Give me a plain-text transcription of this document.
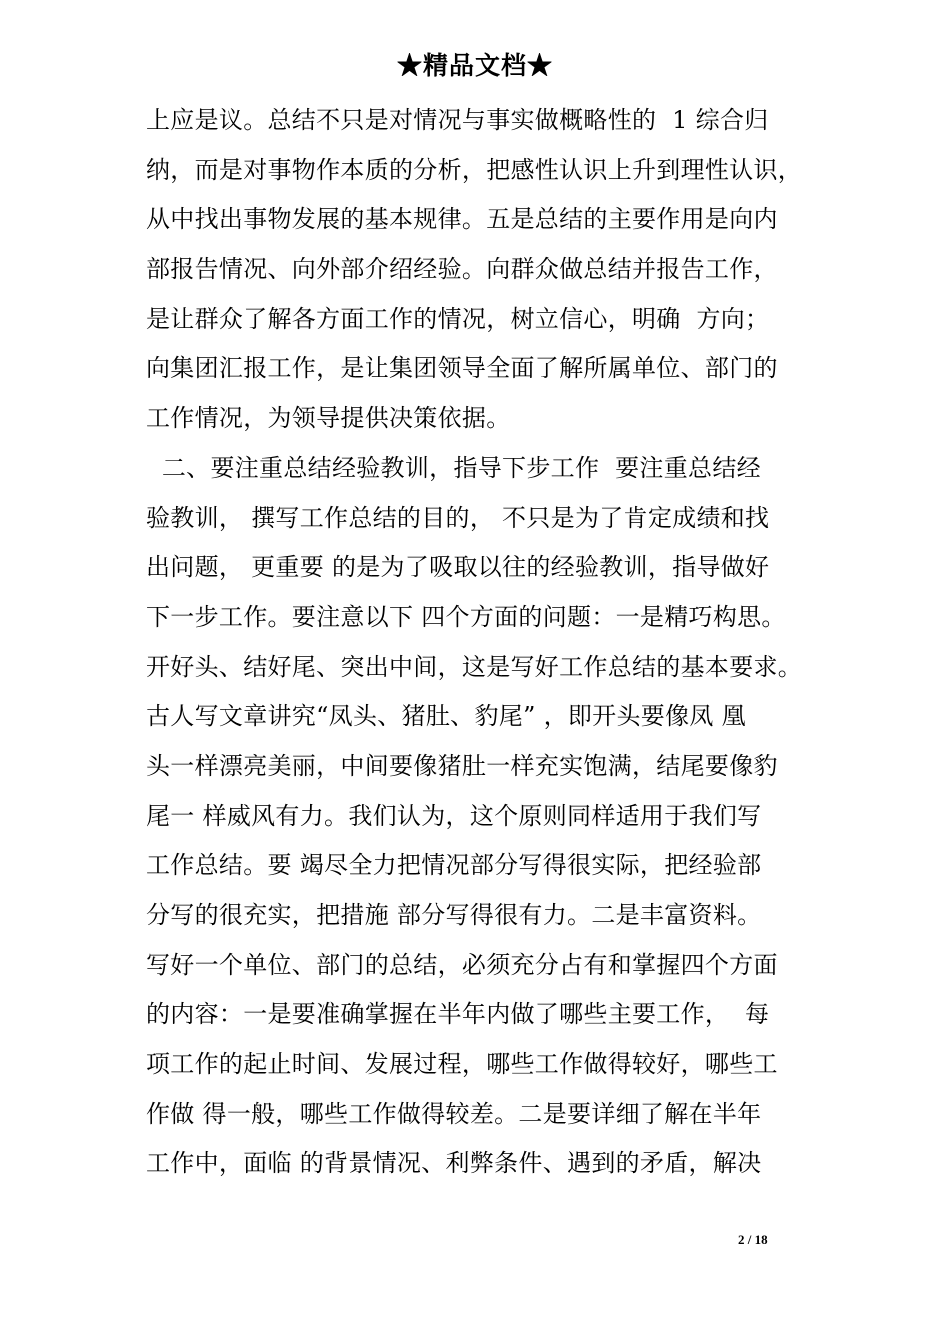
★精品文档★
上应是议。总结不只是对情况与事实做概略性的  1 综合归
纳，而是对事物作本质的分析，把感性认识上升到理性认识，
从中找出事物发展的基本规律。五是总结的主要作用是向内
部报告情况、向外部介绍经验。向群众做总结并报告工作，
是让群众了解各方面工作的情况，树立信心，明确  方向；
向集团汇报工作，是让集团领导全面了解所属单位、部门的
工作情况，为领导提供决策依据。
二、要注重总结经验教训，指导下步工作  要注重总结经
验教训， 撰写工作总结的目的， 不只是为了肯定成绩和找
出问题， 更重要 的是为了吸取以往的经验教训，指导做好
下一步工作。要注意以下 四个方面的问题：一是精巧构思。
开好头、结好尾、突出中间，这是写好工作总结的基本要求。
古人写文章讲究“凤头、猪肚、豹尾” ，即开头要像凤 凰
头一样漂亮美丽，中间要像猪肚一样充实饱满，结尾要像豹
尾一 样威风有力。我们认为，这个原则同样适用于我们写
工作总结。要 竭尽全力把情况部分写得很实际，把经验部
分写的很充实，把措施 部分写得很有力。二是丰富资料。
写好一个单位、部门的总结，必须充分占有和掌握四个方面
的内容：一是要准确掌握在半年内做了哪些主要工作，  每
项工作的起止时间、发展过程，哪些工作做得较好，哪些工
作做 得一般，哪些工作做得较差。二是要详细了解在半年
工作中，面临 的背景情况、利弊条件、遇到的矛盾，解决
2 / 18
